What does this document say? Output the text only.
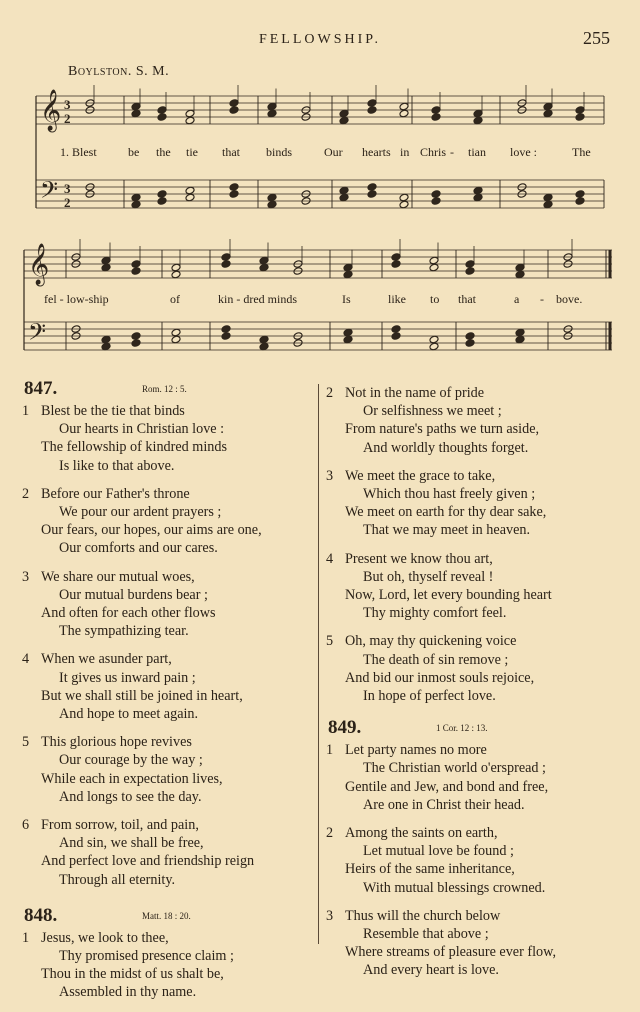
FELLOWSHIP.	255
Boylston. S. M.
𝄞
𝄢
3
2
3
2
𝄞
𝄢
1. Blest	be the tie that binds	Our hearts in Chris - tian love :	The
fel - low-ship	of	kin - dred minds	Is	like to that	a - bove.
847.	Rom. 12 : 5.
1 Blest be the tie that binds
Our hearts in Christian love :
The fellowship of kindred minds
Is like to that above.
2 Before our Father's throne
We pour our ardent prayers ;
Our fears, our hopes, our aims are one,
Our comforts and our cares.
3 We share our mutual woes,
Our mutual burdens bear ;
And often for each other flows
The sympathizing tear.
4 When we asunder part,
It gives us inward pain ;
But we shall still be joined in heart,
And hope to meet again.
5 This glorious hope revives
Our courage by the way ;
While each in expectation lives,
And longs to see the day.
6 From sorrow, toil, and pain,
And sin, we shall be free,
And perfect love and friendship reign
Through all eternity.
848.	Matt. 18 : 20.
1 Jesus, we look to thee,
Thy promised presence claim ;
Thou in the midst of us shalt be,
Assembled in thy name.
2 Not in the name of pride
Or selfishness we meet ;
From nature's paths we turn aside,
And worldly thoughts forget.
3 We meet the grace to take,
Which thou hast freely given ;
We meet on earth for thy dear sake,
That we may meet in heaven.
4 Present we know thou art,
But oh, thyself reveal !
Now, Lord, let every bounding heart
Thy mighty comfort feel.
5 Oh, may thy quickening voice
The death of sin remove ;
And bid our inmost souls rejoice,
In hope of perfect love.
849.	1 Cor. 12 : 13.
1 Let party names no more
The Christian world o'erspread ;
Gentile and Jew, and bond and free,
Are one in Christ their head.
2 Among the saints on earth,
Let mutual love be found ;
Heirs of the same inheritance,
With mutual blessings crowned.
3 Thus will the church below
Resemble that above ;
Where streams of pleasure ever flow,
And every heart is love.
